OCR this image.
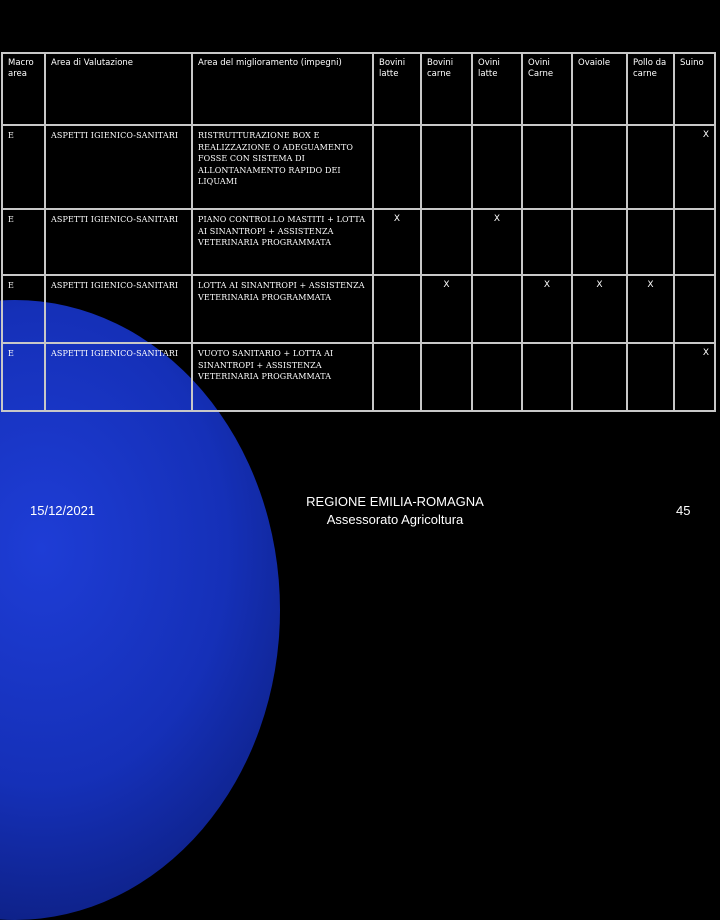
Macro area	Area di Valutazione	Area del miglioramento (impegni)	Bovini latte	Bovini carne	Ovini latte	Ovini Carne	Ovaiole	Pollo da carne	Suino
E	ASPETTI IGIENICO-SANITARI	RISTRUTTURAZIONE BOX E REALIZZAZIONE O ADEGUAMENTO FOSSE CON SISTEMA DI ALLONTANAMENTO RAPIDO DEI LIQUAMI							X
E	ASPETTI IGIENICO-SANITARI	PIANO CONTROLLO MASTITI + LOTTA AI SINANTROPI + ASSISTENZA VETERINARIA PROGRAMMATA	X		X				
E	ASPETTI IGIENICO-SANITARI	LOTTA AI SINANTROPI + ASSISTENZA VETERINARIA PROGRAMMATA		X		X	X	X	
E	ASPETTI IGIENICO-SANITARI	VUOTO SANITARIO + LOTTA AI SINANTROPI + ASSISTENZA VETERINARIA PROGRAMMATA							X
15/12/2021
REGIONE EMILIA-ROMAGNA
Assessorato Agricoltura
45
